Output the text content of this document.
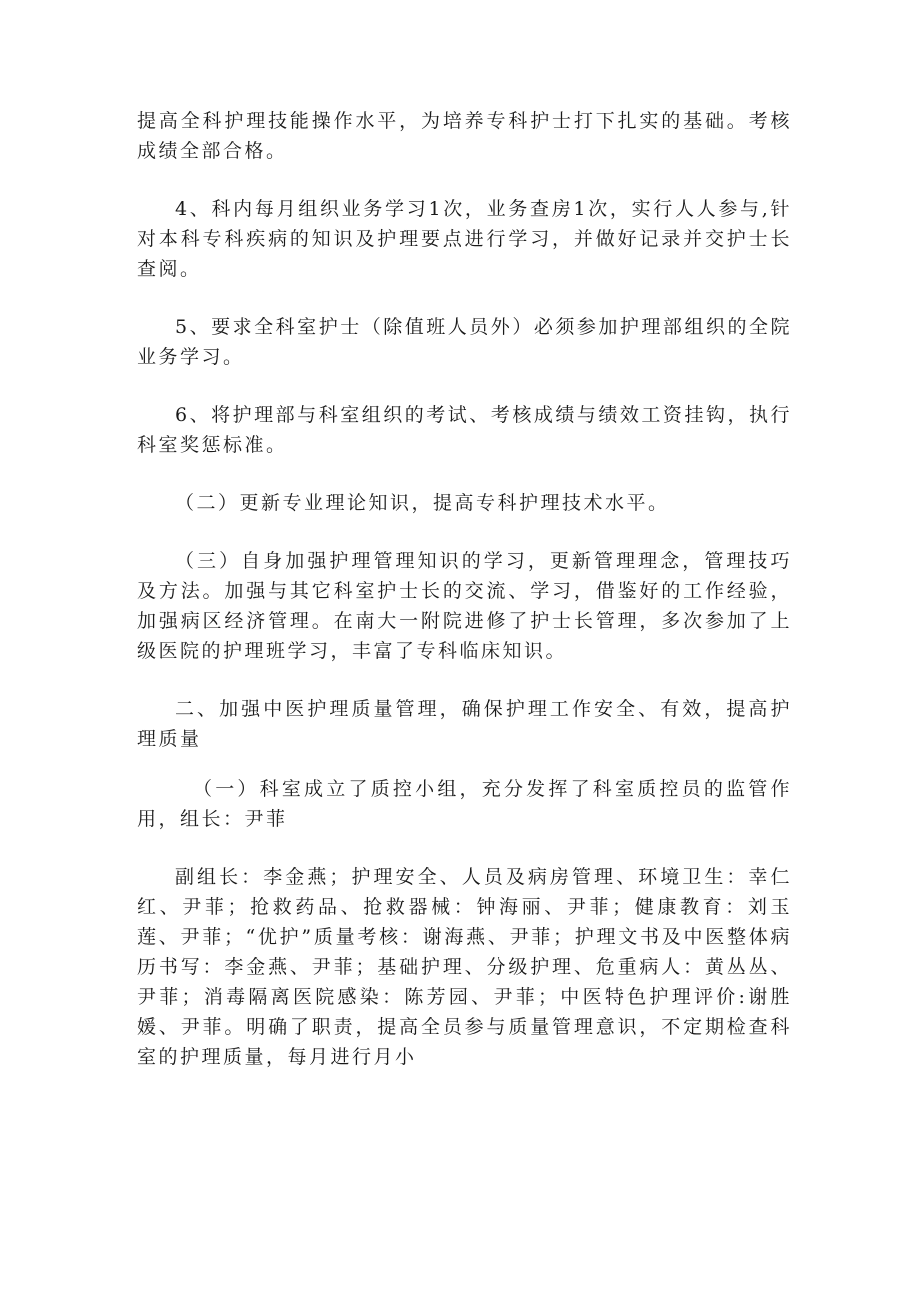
提高全科护理技能操作水平，为培养专科护士打下扎实的基础。考核成绩全部合格。

4、科内每月组织业务学习1次，业务查房1次，实行人人参与,针对本科专科疾病的知识及护理要点进行学习，并做好记录并交护士长查阅。

5、要求全科室护士（除值班人员外）必须参加护理部组织的全院业务学习。

6、将护理部与科室组织的考试、考核成绩与绩效工资挂钩，执行科室奖惩标准。

（二）更新专业理论知识，提高专科护理技术水平。

（三）自身加强护理管理知识的学习，更新管理理念，管理技巧及方法。加强与其它科室护士长的交流、学习，借鉴好的工作经验，加强病区经济管理。在南大一附院进修了护士长管理，多次参加了上级医院的护理班学习，丰富了专科临床知识。

二、加强中医护理质量管理，确保护理工作安全、有效，提高护理质量

（一）科室成立了质控小组，充分发挥了科室质控员的监管作用，组长：尹菲

副组长：李金燕；护理安全、人员及病房管理、环境卫生：幸仁红、尹菲；抢救药品、抢救器械：钟海丽、尹菲；健康教育：刘玉莲、尹菲；“优护”质量考核：谢海燕、尹菲；护理文书及中医整体病历书写：李金燕、尹菲；基础护理、分级护理、危重病人：黄丛丛、尹菲；消毒隔离医院感染：陈芳园、尹菲；中医特色护理评价:谢胜媛、尹菲。明确了职责，提高全员参与质量管理意识，不定期检查科室的护理质量，每月进行月小
